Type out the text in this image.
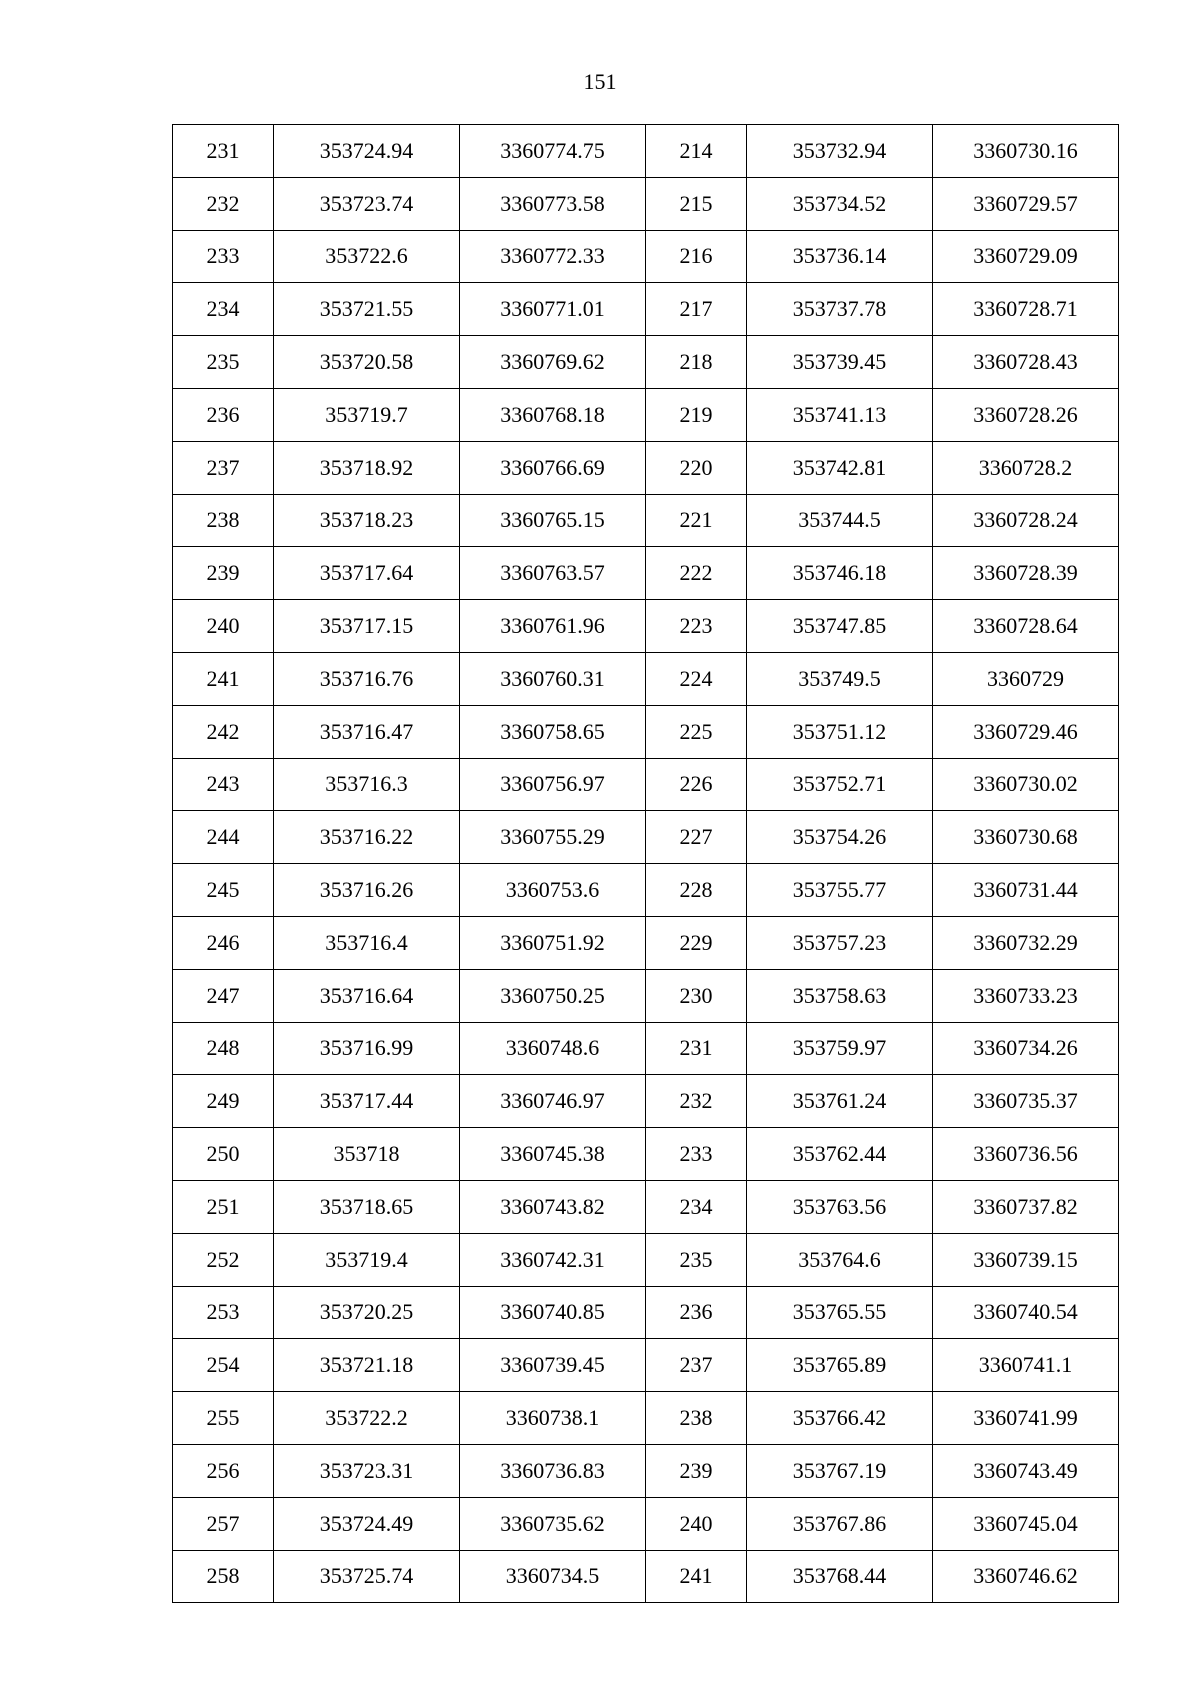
151
231	353724.94	3360774.75	214	353732.94	3360730.16
232	353723.74	3360773.58	215	353734.52	3360729.57
233	353722.6	3360772.33	216	353736.14	3360729.09
234	353721.55	3360771.01	217	353737.78	3360728.71
235	353720.58	3360769.62	218	353739.45	3360728.43
236	353719.7	3360768.18	219	353741.13	3360728.26
237	353718.92	3360766.69	220	353742.81	3360728.2
238	353718.23	3360765.15	221	353744.5	3360728.24
239	353717.64	3360763.57	222	353746.18	3360728.39
240	353717.15	3360761.96	223	353747.85	3360728.64
241	353716.76	3360760.31	224	353749.5	3360729
242	353716.47	3360758.65	225	353751.12	3360729.46
243	353716.3	3360756.97	226	353752.71	3360730.02
244	353716.22	3360755.29	227	353754.26	3360730.68
245	353716.26	3360753.6	228	353755.77	3360731.44
246	353716.4	3360751.92	229	353757.23	3360732.29
247	353716.64	3360750.25	230	353758.63	3360733.23
248	353716.99	3360748.6	231	353759.97	3360734.26
249	353717.44	3360746.97	232	353761.24	3360735.37
250	353718	3360745.38	233	353762.44	3360736.56
251	353718.65	3360743.82	234	353763.56	3360737.82
252	353719.4	3360742.31	235	353764.6	3360739.15
253	353720.25	3360740.85	236	353765.55	3360740.54
254	353721.18	3360739.45	237	353765.89	3360741.1
255	353722.2	3360738.1	238	353766.42	3360741.99
256	353723.31	3360736.83	239	353767.19	3360743.49
257	353724.49	3360735.62	240	353767.86	3360745.04
258	353725.74	3360734.5	241	353768.44	3360746.62
